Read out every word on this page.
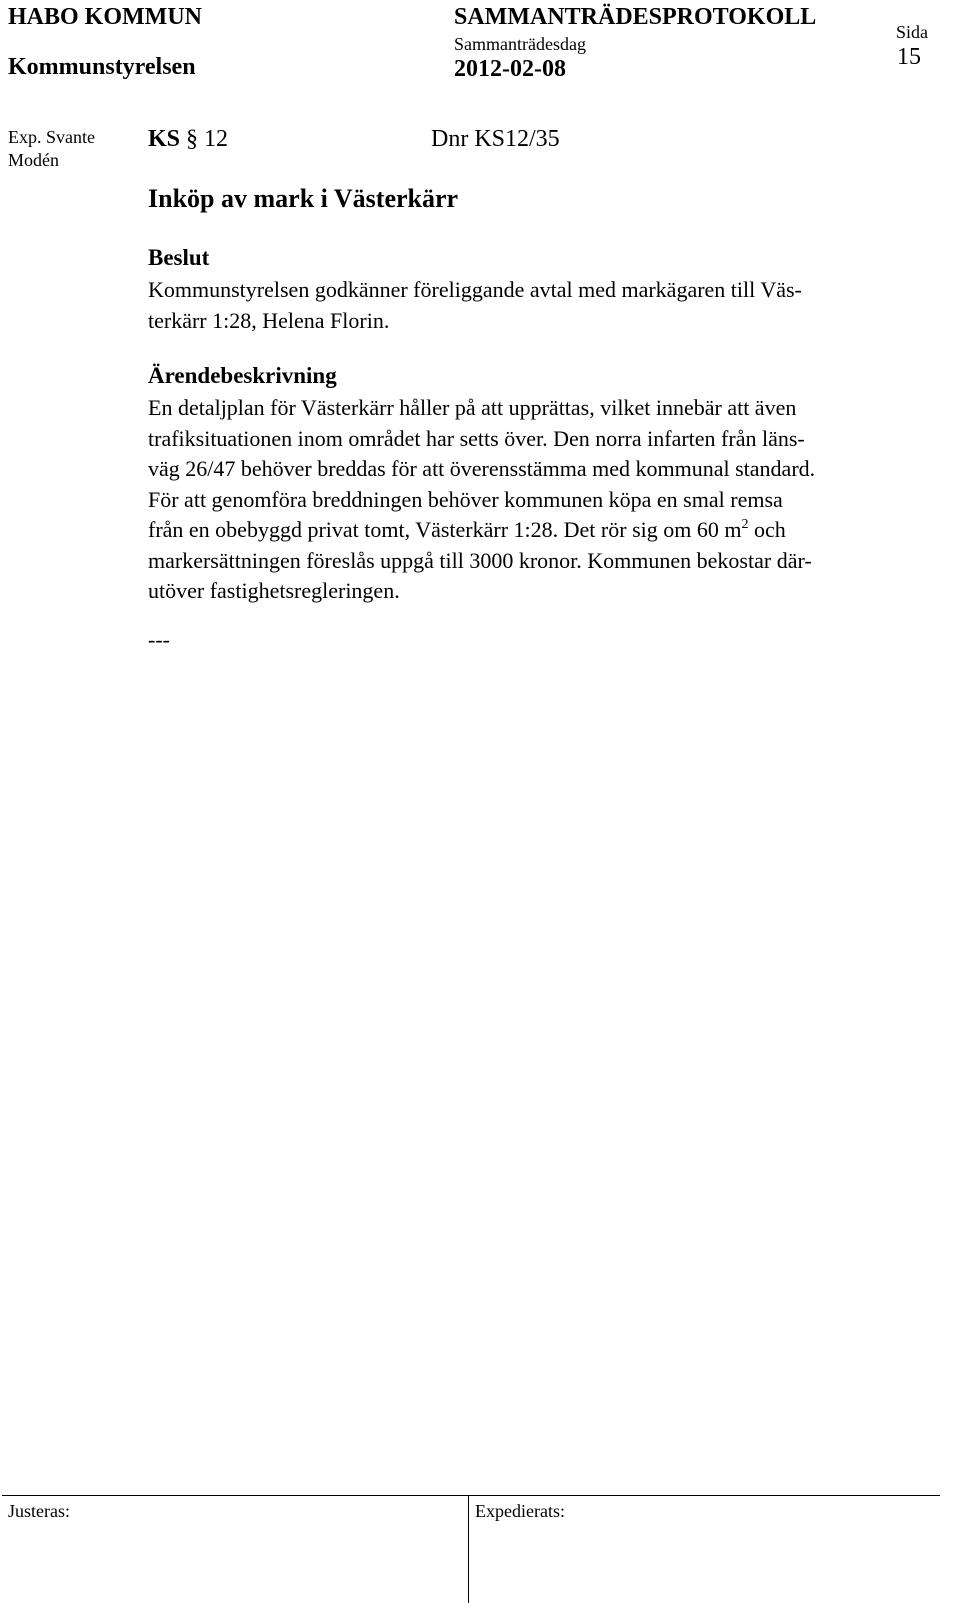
HABO KOMMUN
Kommunstyrelsen
SAMMANTRÄDESPROTOKOLL
Sammanträdesdag
2012-02-08
Sida
15
Exp. Svante
Modén
KS § 12	Dnr KS12/35
Inköp av mark i Västerkärr
Beslut
Kommunstyrelsen godkänner föreliggande avtal med markägaren till Väs-
terkärr 1:28, Helena Florin.
Ärendebeskrivning
En detaljplan för Västerkärr håller på att upprättas, vilket innebär att även
trafiksituationen inom området har setts över. Den norra infarten från läns-
väg 26/47 behöver breddas för att överensstämma med kommunal standard.
För att genomföra breddningen behöver kommunen köpa en smal remsa
från en obebyggd privat tomt, Västerkärr 1:28. Det rör sig om 60 $m^2$ och
markersättningen föreslås uppgå till 3000 kronor. Kommunen bekostar där-
utöver fastighetsregleringen.
---
Justeras:	Expedierats:
